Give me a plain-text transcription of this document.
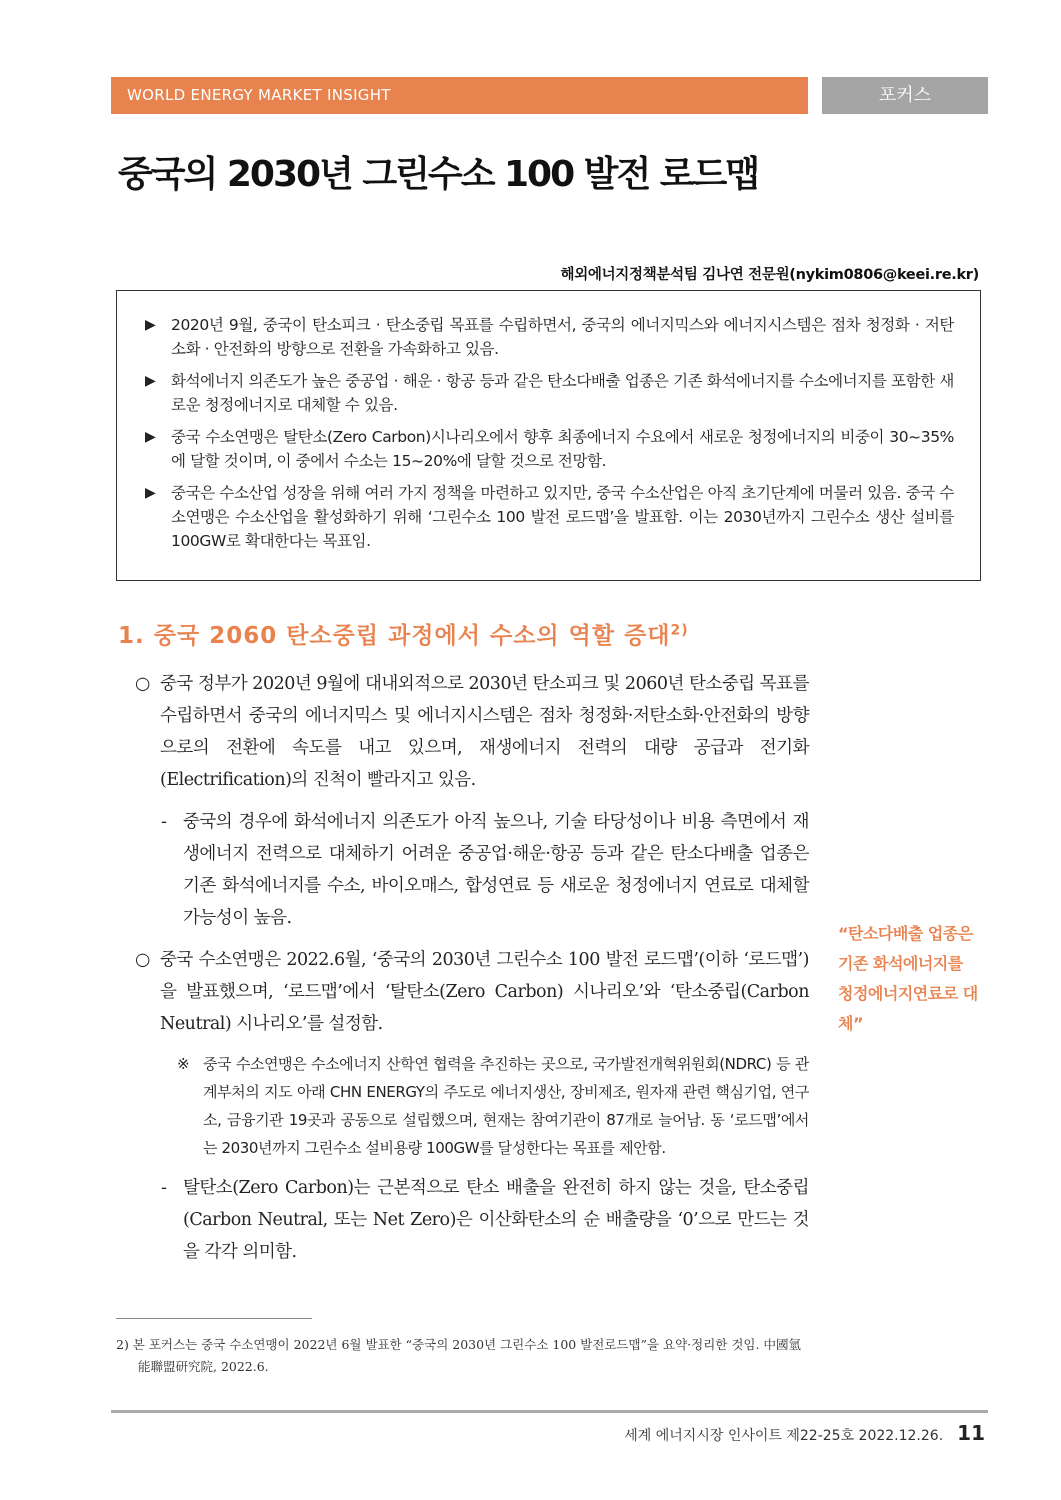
WORLD ENERGY MARKET INSIGHT	포커스
중국의 2030년 그린수소 100 발전 로드맵
해외에너지정책분석팀 김나연 전문원(nykim0806@keei.re.kr)
▶ 2020년 9월, 중국이 탄소피크 · 탄소중립 목표를 수립하면서, 중국의 에너지믹스와 에너지시스템은 점차 청정화 · 저탄소화 · 안전화의 방향으로 전환을 가속화하고 있음.
▶ 화석에너지 의존도가 높은 중공업 · 해운 · 항공 등과 같은 탄소다배출 업종은 기존 화석에너지를 수소에너지를 포함한 새로운 청정에너지로 대체할 수 있음.
▶ 중국 수소연맹은 탈탄소(Zero Carbon)시나리오에서 향후 최종에너지 수요에서 새로운 청정에너지의 비중이 30~35%에 달할 것이며, 이 중에서 수소는 15~20%에 달할 것으로 전망함.
▶ 중국은 수소산업 성장을 위해 여러 가지 정책을 마련하고 있지만, 중국 수소산업은 아직 초기단계에 머물러 있음. 중국 수소연맹은 수소산업을 활성화하기 위해 ‘그린수소 100 발전 로드맵’을 발표함. 이는 2030년까지 그린수소 생산 설비를 100GW로 확대한다는 목표임.
1. 중국 2060 탄소중립 과정에서 수소의 역할 증대$^{2)}$
○ 중국 정부가 2020년 9월에 대내외적으로 2030년 탄소피크 및 2060년 탄소중립 목표를 수립하면서 중국의 에너지믹스 및 에너지시스템은 점차 청정화·저탄소화·안전화의 방향으로의 전환에 속도를 내고 있으며, 재생에너지 전력의 대량 공급과 전기화(Electrification)의 진척이 빨라지고 있음.
- 중국의 경우에 화석에너지 의존도가 아직 높으나, 기술 타당성이나 비용 측면에서 재생에너지 전력으로 대체하기 어려운 중공업·해운·항공 등과 같은 탄소다배출 업종은 기존 화석에너지를 수소, 바이오매스, 합성연료 등 새로운 청정에너지 연료로 대체할 가능성이 높음.
○ 중국 수소연맹은 2022.6월, ‘중국의 2030년 그린수소 100 발전 로드맵’(이하 ‘로드맵’)을 발표했으며, ‘로드맵’에서 ‘탈탄소(Zero Carbon) 시나리오’와 ‘탄소중립(Carbon Neutral) 시나리오’를 설정함.
※ 중국 수소연맹은 수소에너지 산학연 협력을 추진하는 곳으로, 국가발전개혁위원회(NDRC) 등 관계부처의 지도 아래 CHN ENERGY의 주도로 에너지생산, 장비제조, 원자재 관련 핵심기업, 연구소, 금융기관 19곳과 공동으로 설립했으며, 현재는 참여기관이 87개로 늘어남. 동 ‘로드맵’에서는 2030년까지 그린수소 설비용량 100GW를 달성한다는 목표를 제안함.
- 탈탄소(Zero Carbon)는 근본적으로 탄소 배출을 완전히 하지 않는 것을, 탄소중립(Carbon Neutral, 또는 Net Zero)은 이산화탄소의 순 배출량을 ‘0’으로 만드는 것을 각각 의미함.
“탄소다배출 업종은 기존 화석에너지를 청정에너지연료로 대체”
2) 본 포커스는 중국 수소연맹이 2022년 6월 발표한 “중국의 2030년 그린수소 100 발전로드맵”을 요약·정리한 것임. 中國氫能聯盟研究院, 2022.6.
세계 에너지시장 인사이트 제22-25호 2022.12.26. 11
